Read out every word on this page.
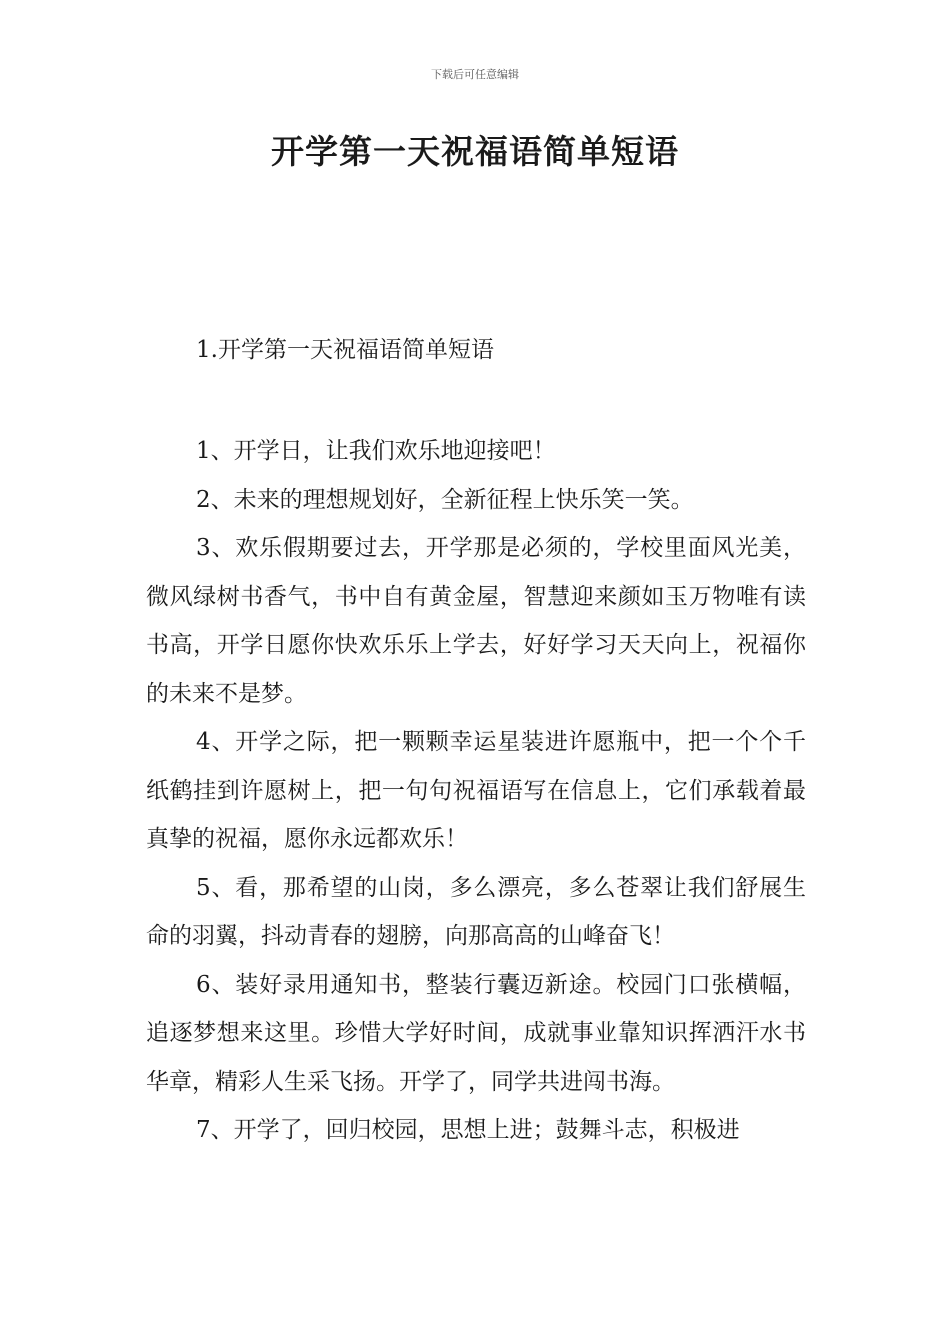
下载后可任意编辑
开学第一天祝福语简单短语
1.开学第一天祝福语简单短语

1、开学日，让我们欢乐地迎接吧！

2、未来的理想规划好，全新征程上快乐笑一笑。

3、欢乐假期要过去，开学那是必须的，学校里面风光美，微风绿树书香气，书中自有黄金屋，智慧迎来颜如玉万物唯有读书高，开学日愿你快欢乐乐上学去，好好学习天天向上，祝福你的未来不是梦。

4、开学之际，把一颗颗幸运星装进许愿瓶中，把一个个千纸鹤挂到许愿树上，把一句句祝福语写在信息上，它们承载着最真挚的祝福，愿你永远都欢乐！

5、看，那希望的山岗，多么漂亮，多么苍翠让我们舒展生命的羽翼，抖动青春的翅膀，向那高高的山峰奋飞！

6、装好录用通知书，整装行囊迈新途。校园门口张横幅，追逐梦想来这里。珍惜大学好时间，成就事业靠知识挥洒汗水书华章，精彩人生采飞扬。开学了，同学共进闯书海。

7、开学了，回归校园，思想上进；鼓舞斗志，积极进
